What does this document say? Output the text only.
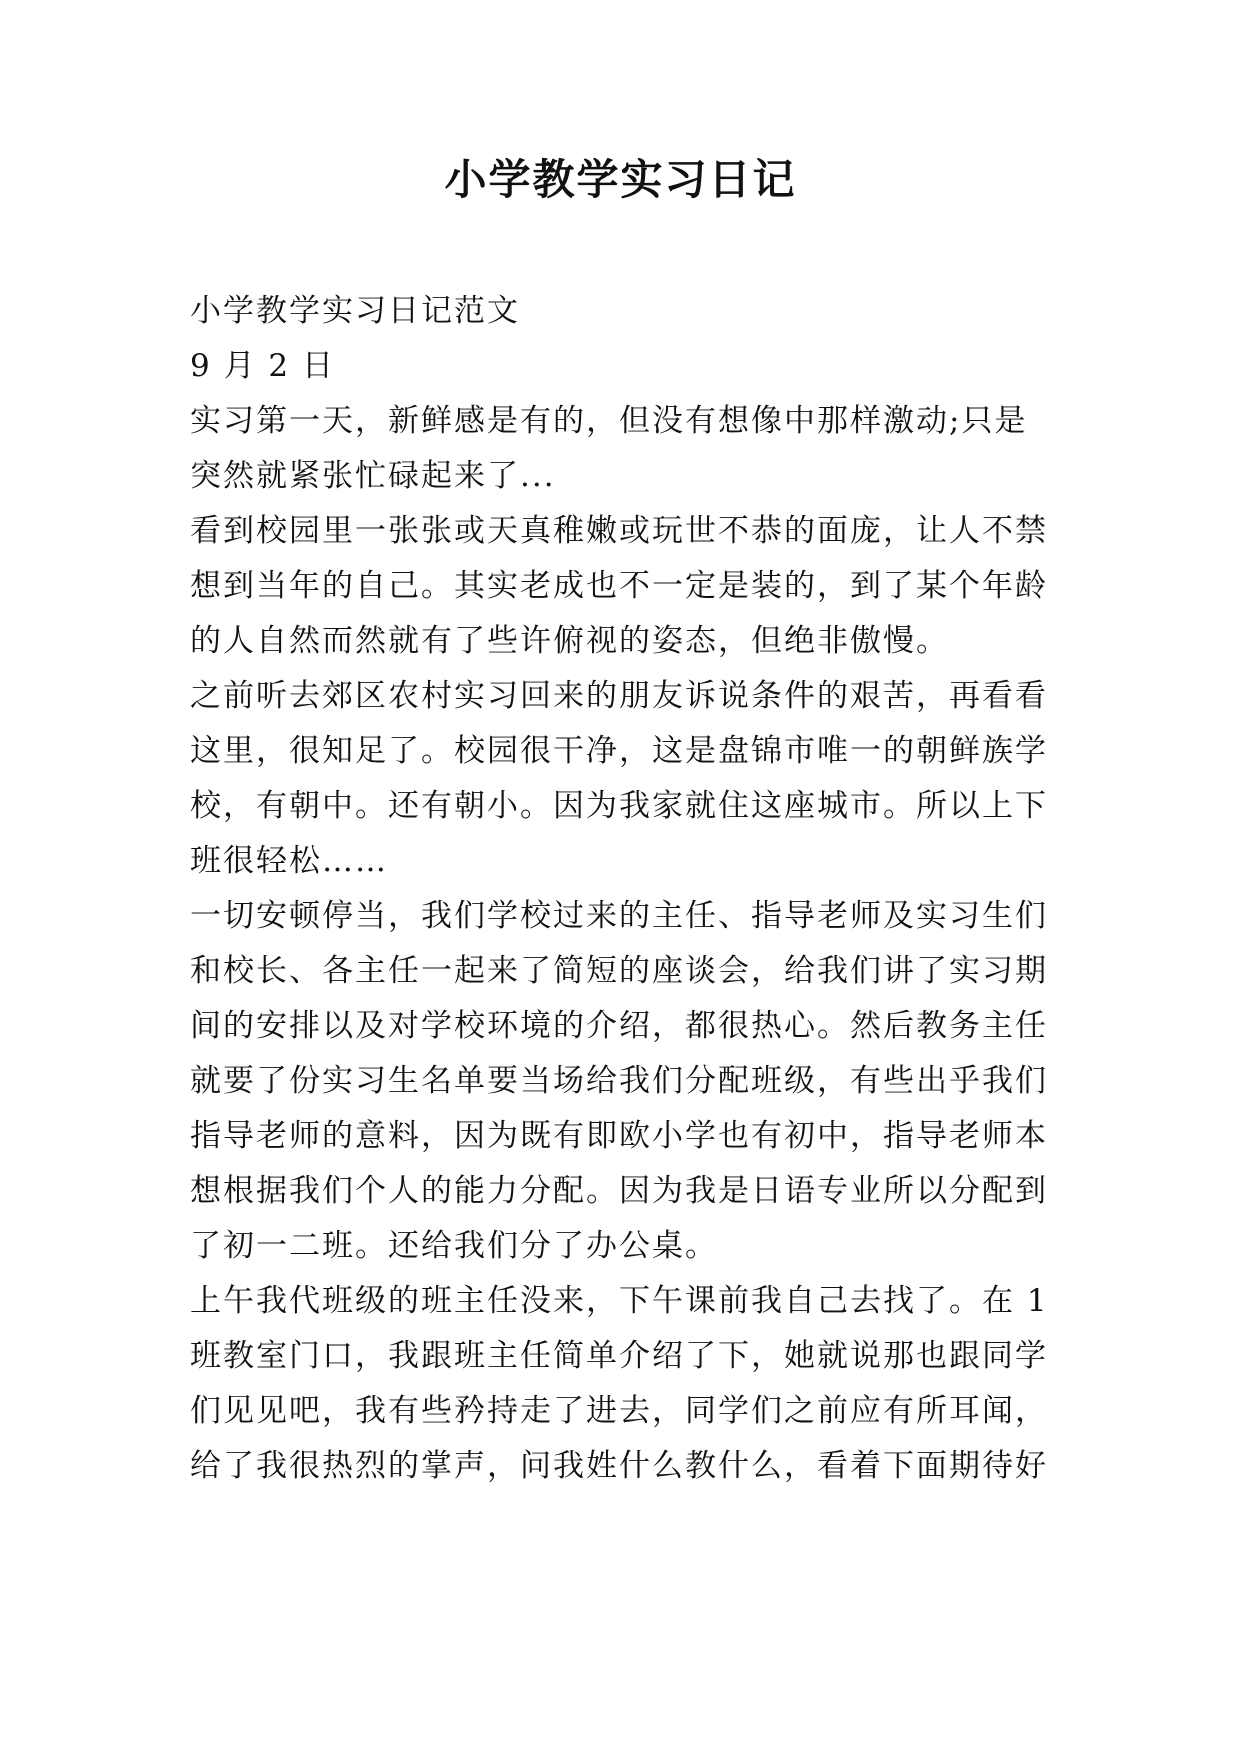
小学教学实习日记
小学教学实习日记范文
9 月 2 日
实习第一天，新鲜感是有的，但没有想像中那样激动;只是
突然就紧张忙碌起来了...
看到校园里一张张或天真稚嫩或玩世不恭的面庞，让人不禁
想到当年的自己。其实老成也不一定是装的，到了某个年龄
的人自然而然就有了些许俯视的姿态，但绝非傲慢。
之前听去郊区农村实习回来的朋友诉说条件的艰苦，再看看
这里，很知足了。校园很干净，这是盘锦市唯一的朝鲜族学
校，有朝中。还有朝小。因为我家就住这座城市。所以上下
班很轻松……
一切安顿停当，我们学校过来的主任、指导老师及实习生们
和校长、各主任一起来了简短的座谈会，给我们讲了实习期
间的安排以及对学校环境的介绍，都很热心。然后教务主任
就要了份实习生名单要当场给我们分配班级，有些出乎我们
指导老师的意料，因为既有即欧小学也有初中，指导老师本
想根据我们个人的能力分配。因为我是日语专业所以分配到
了初一二班。还给我们分了办公桌。
上午我代班级的班主任没来，下午课前我自己去找了。在 1
班教室门口，我跟班主任简单介绍了下，她就说那也跟同学
们见见吧，我有些矜持走了进去，同学们之前应有所耳闻，
给了我很热烈的掌声，问我姓什么教什么，看着下面期待好
